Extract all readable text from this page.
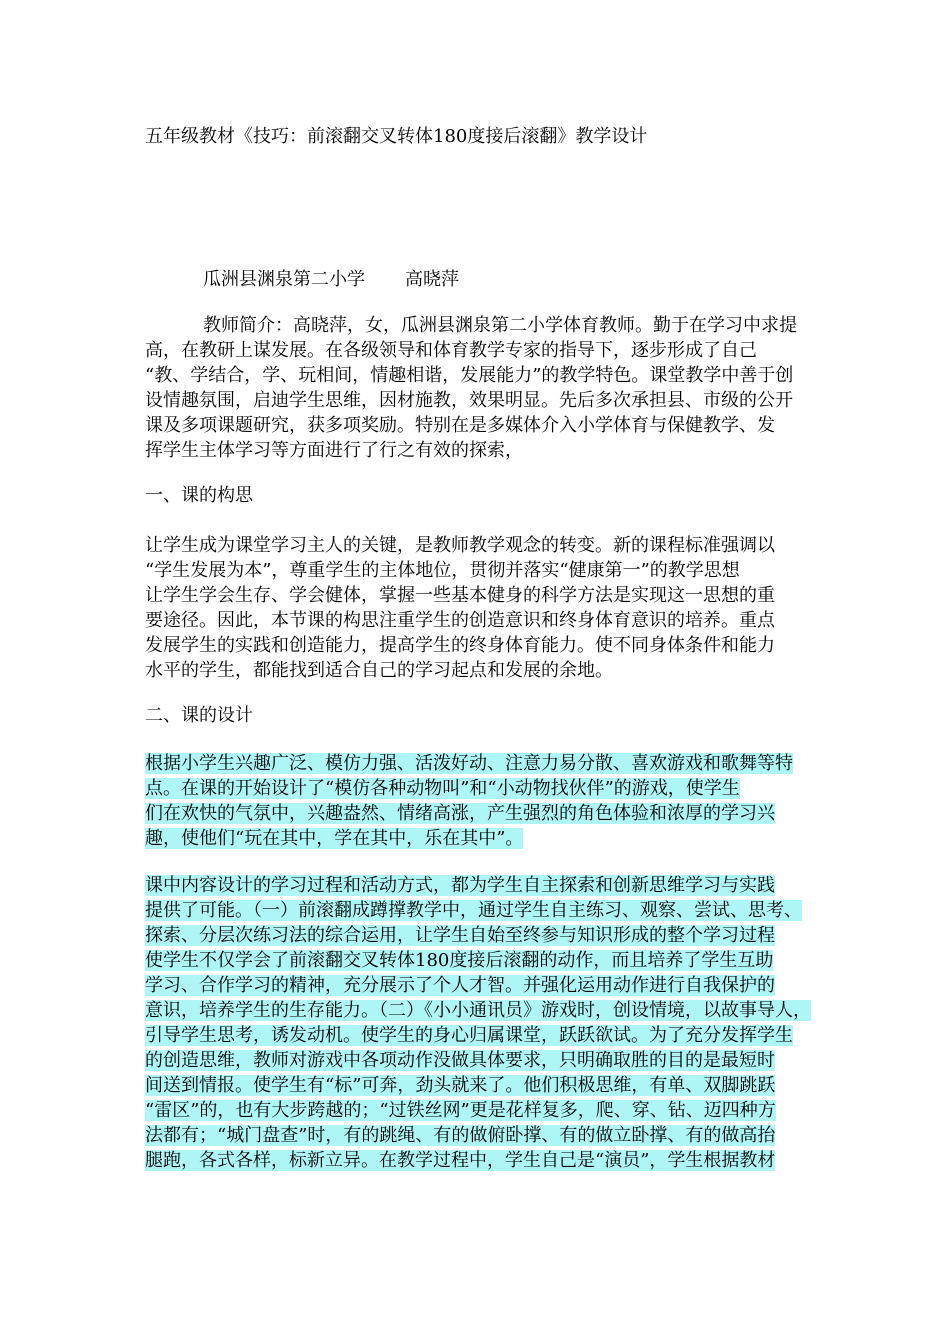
五年级教材《技巧：前滚翻交叉转体180度接后滚翻》教学设计
瓜洲县渊泉第二小学 高晓萍
教师简介：高晓萍，女，瓜洲县渊泉第二小学体育教师。勤于在学习中求提
高，在教研上谋发展。在各级领导和体育教学专家的指导下，逐步形成了自己
“教、学结合，学、玩相间，情趣相谐，发展能力”的教学特色。课堂教学中善于创
设情趣氛围，启迪学生思维，因材施教，效果明显。先后多次承担县、市级的公开
课及多项课题研究，获多项奖励。特别在是多媒体介入小学体育与保健教学、发
挥学生主体学习等方面进行了行之有效的探索，
一、课的构思
让学生成为课堂学习主人的关键，是教师教学观念的转变。新的课程标准强调以
“学生发展为本”，尊重学生的主体地位，贯彻并落实“健康第一”的教学思想
让学生学会生存、学会健体，掌握一些基本健身的科学方法是实现这一思想的重
要途径。因此，本节课的构思注重学生的创造意识和终身体育意识的培养。重点
发展学生的实践和创造能力，提高学生的终身体育能力。使不同身体条件和能力
水平的学生，都能找到适合自己的学习起点和发展的余地。
二、课的设计
根据小学生兴趣广泛、模仿力强、活泼好动、注意力易分散、喜欢游戏和歌舞等特
点。在课的开始设计了“模仿各种动物叫”和“小动物找伙伴”的游戏，使学生
们在欢快的气氛中，兴趣盎然、情绪高涨，产生强烈的角色体验和浓厚的学习兴
趣，使他们“玩在其中，学在其中，乐在其中”。
课中内容设计的学习过程和活动方式，都为学生自主探索和创新思维学习与实践
提供了可能。（一）前滚翻成蹲撑教学中，通过学生自主练习、观察、尝试、思考、
探索、分层次练习法的综合运用，让学生自始至终参与知识形成的整个学习过程
使学生不仅学会了前滚翻交叉转体180度接后滚翻的动作，而且培养了学生互助
学习、合作学习的精神，充分展示了个人才智。并强化运用动作进行自我保护的
意识，培养学生的生存能力。（二）《小小通讯员》游戏时，创设情境，以故事导人，
引导学生思考，诱发动机。使学生的身心归属课堂，跃跃欲试。为了充分发挥学生
的创造思维，教师对游戏中各项动作没做具体要求，只明确取胜的目的是最短时
间送到情报。使学生有“标”可奔，劲头就来了。他们积极思维，有单、双脚跳跃
“雷区”的，也有大步跨越的；“过铁丝网”更是花样复多，爬、穿、钻、迈四种方
法都有；“城门盘查”时，有的跳绳、有的做俯卧撑、有的做立卧撑、有的做高抬
腿跑，各式各样，标新立异。在教学过程中，学生自己是“演员”，学生根据教材
